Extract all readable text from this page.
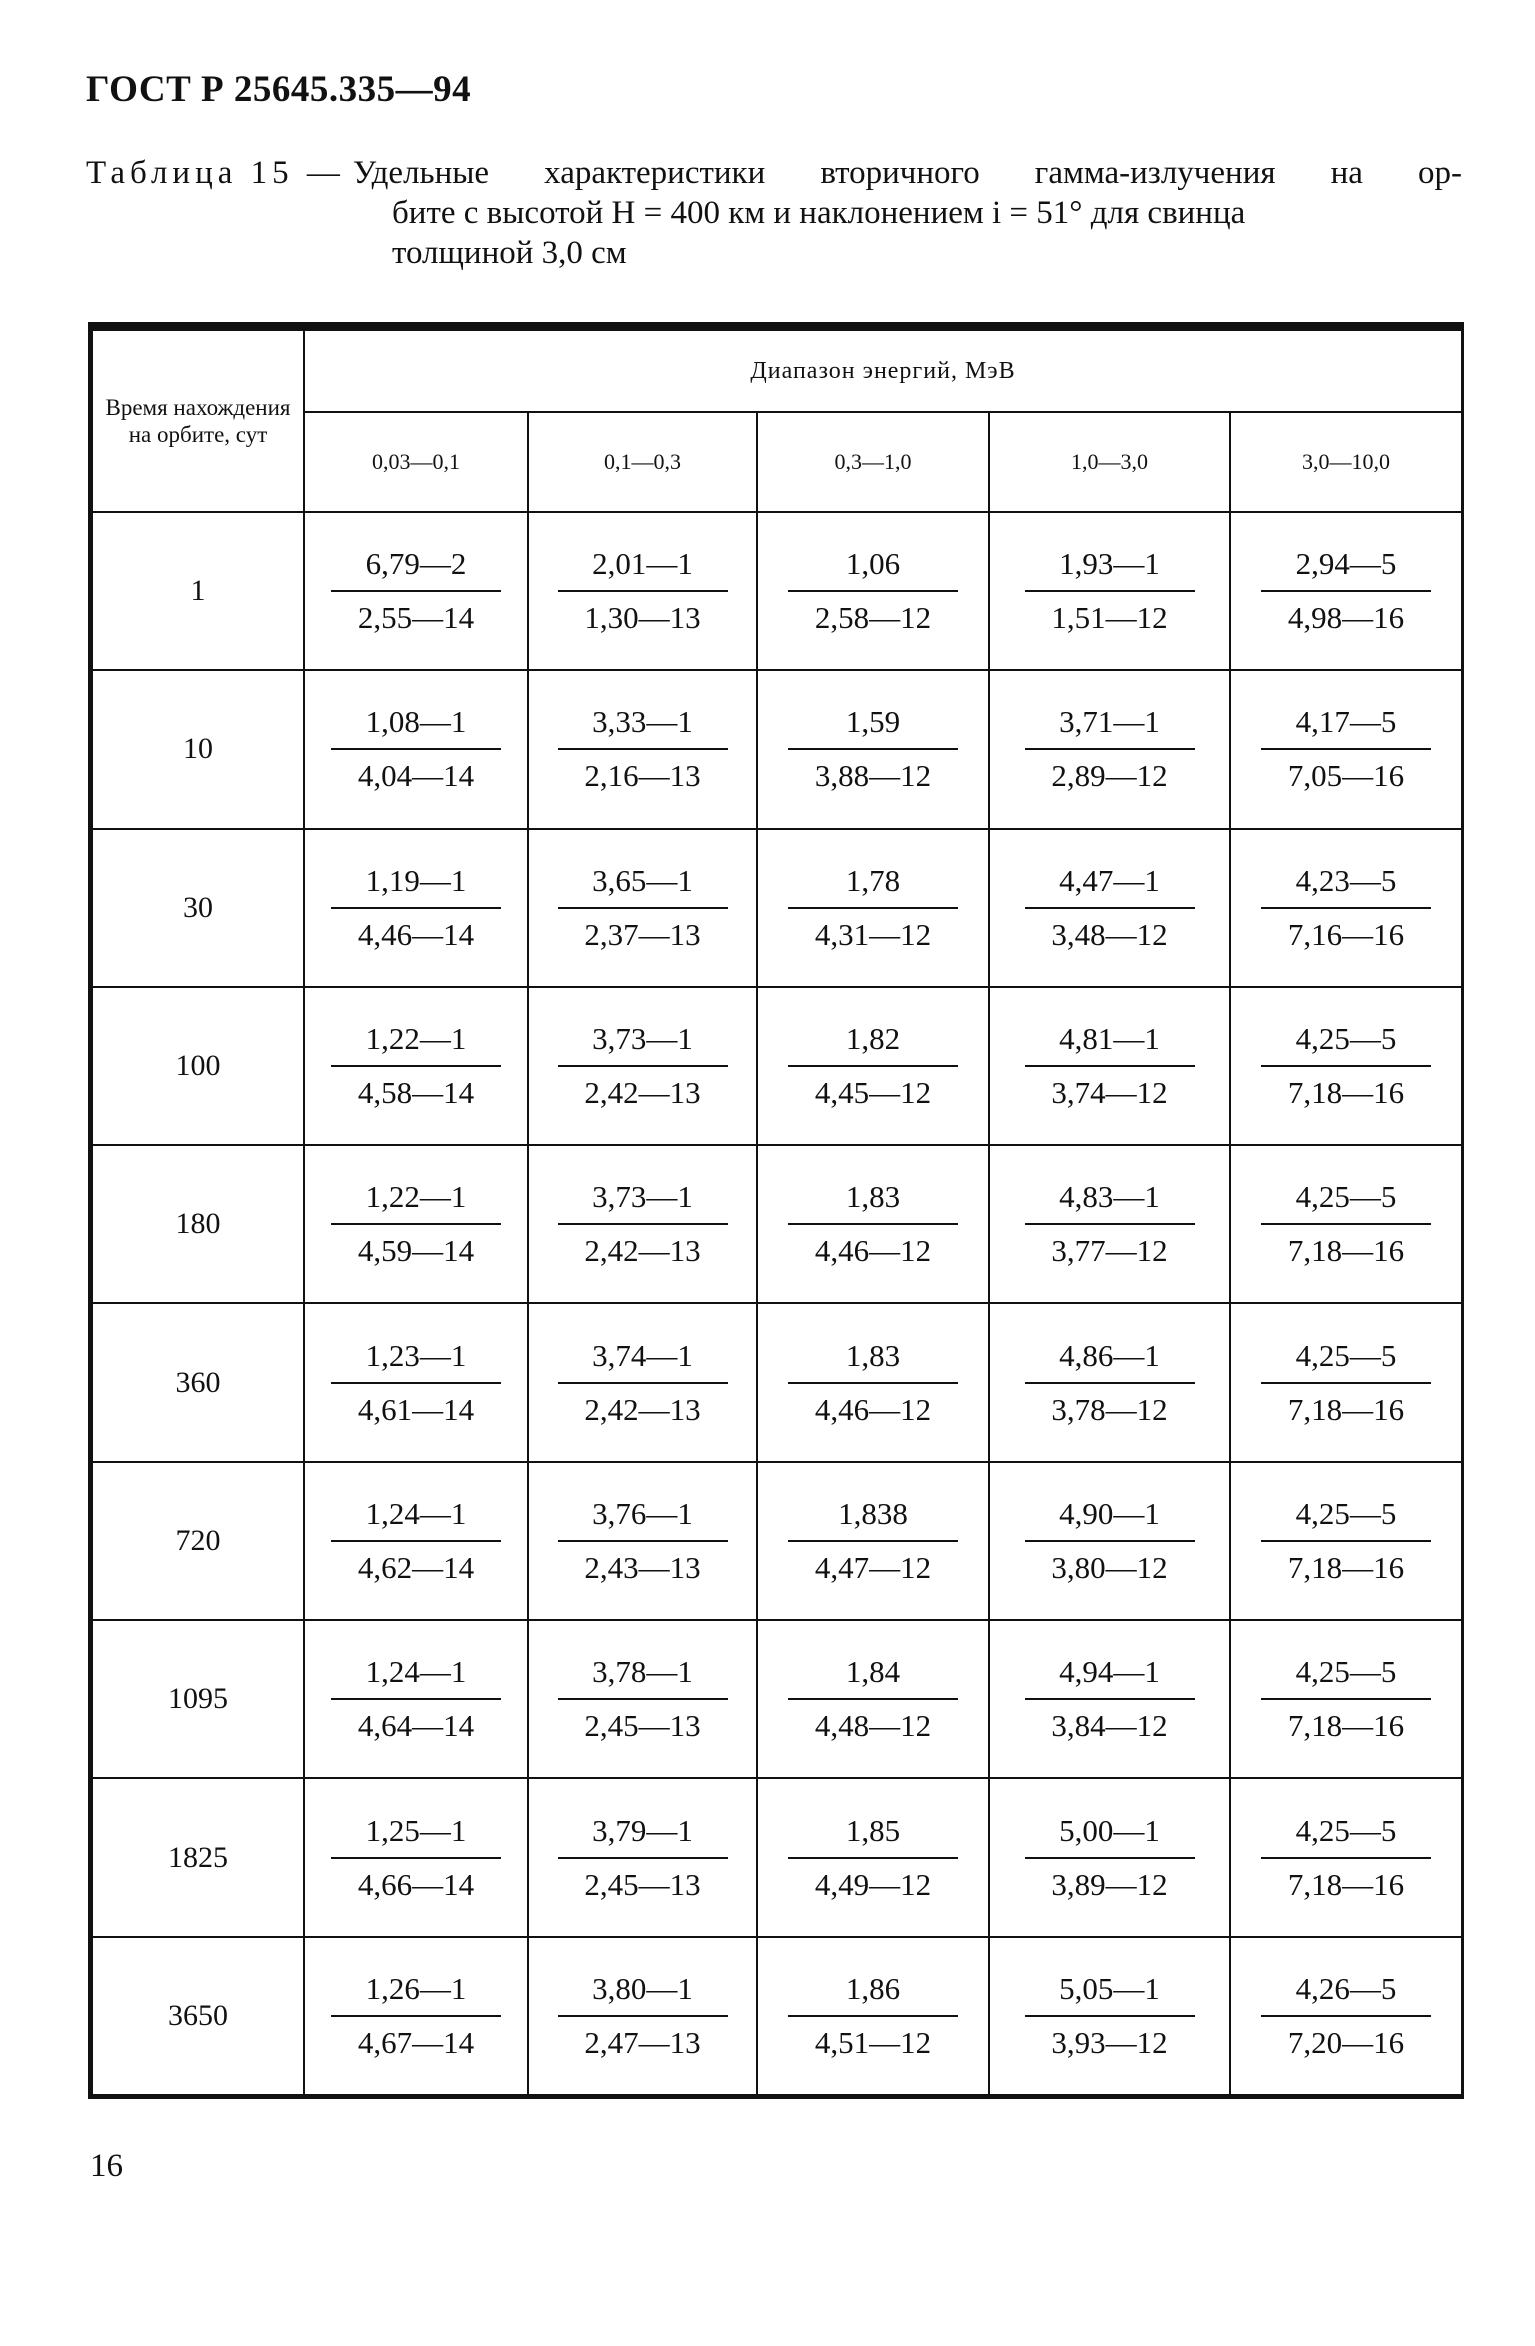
ГОСТ Р 25645.335—94
Таблица 15 — Удельные характеристики вторичного гамма-излучения на ор-
бите с высотой H = 400 км и наклонением i = 51° для свинца
толщиной 3,0 см
Время нахождения на орбите, сут	Диапазон энергий, МэВ				
	0,03—0,1	0,1—0,3	0,3—1,0	1,0—3,0	3,0—10,0
1	$\frac{6,79—2}{2,55—14}$	$\frac{2,01—1}{1,30—13}$	$\frac{1,06}{2,58—12}$	$\frac{1,93—1}{1,51—12}$	$\frac{2,94—5}{4,98—16}$

10	$\frac{1,08—1}{4,04—14}$	$\frac{3,33—1}{2,16—13}$	$\frac{1,59}{3,88—12}$	$\frac{3,71—1}{2,89—12}$	$\frac{4,17—5}{7,05—16}$

30	$\frac{1,19—1}{4,46—14}$	$\frac{3,65—1}{2,37—13}$	$\frac{1,78}{4,31—12}$	$\frac{4,47—1}{3,48—12}$	$\frac{4,23—5}{7,16—16}$

100	$\frac{1,22—1}{4,58—14}$	$\frac{3,73—1}{2,42—13}$	$\frac{1,82}{4,45—12}$	$\frac{4,81—1}{3,74—12}$	$\frac{4,25—5}{7,18—16}$

180	$\frac{1,22—1}{4,59—14}$	$\frac{3,73—1}{2,42—13}$	$\frac{1,83}{4,46—12}$	$\frac{4,83—1}{3,77—12}$	$\frac{4,25—5}{7,18—16}$

360	$\frac{1,23—1}{4,61—14}$	$\frac{3,74—1}{2,42—13}$	$\frac{1,83}{4,46—12}$	$\frac{4,86—1}{3,78—12}$	$\frac{4,25—5}{7,18—16}$

720	$\frac{1,24—1}{4,62—14}$	$\frac{3,76—1}{2,43—13}$	$\frac{1,838}{4,47—12}$	$\frac{4,90—1}{3,80—12}$	$\frac{4,25—5}{7,18—16}$

1095	$\frac{1,24—1}{4,64—14}$	$\frac{3,78—1}{2,45—13}$	$\frac{1,84}{4,48—12}$	$\frac{4,94—1}{3,84—12}$	$\frac{4,25—5}{7,18—16}$

1825	$\frac{1,25—1}{4,66—14}$	$\frac{3,79—1}{2,45—13}$	$\frac{1,85}{4,49—12}$	$\frac{5,00—1}{3,89—12}$	$\frac{4,25—5}{7,18—16}$

3650	$\frac{1,26—1}{4,67—14}$	$\frac{3,80—1}{2,47—13}$	$\frac{1,86}{4,51—12}$	$\frac{5,05—1}{3,93—12}$	$\frac{4,26—5}{7,20—16}$
16
